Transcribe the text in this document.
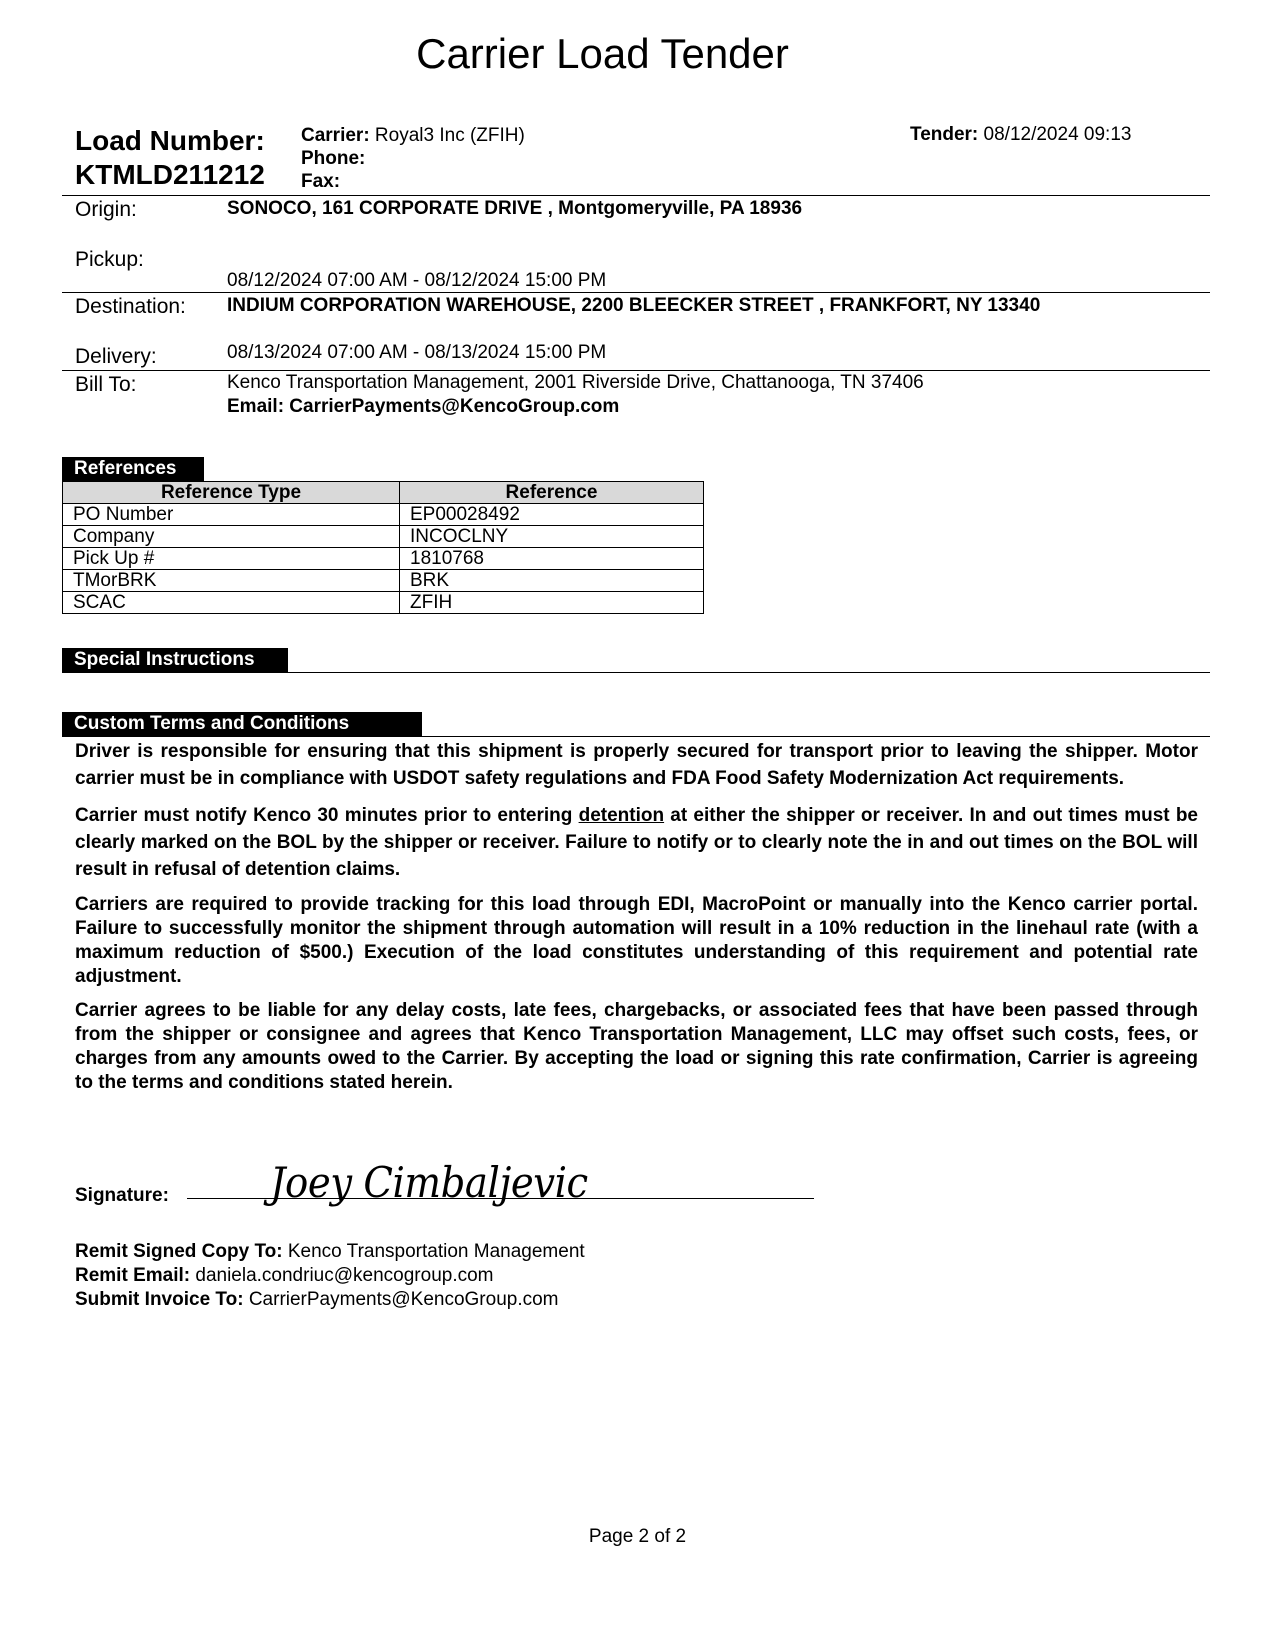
Carrier Load Tender
Load Number:
KTMLD211212
Carrier: Royal3 Inc (ZFIH)
Phone:
Fax:
Tender: 08/12/2024 09:13
Origin:	SONOCO, 161 CORPORATE DRIVE , Montgomeryville, PA 18936
Pickup:
08/12/2024 07:00 AM - 08/12/2024 15:00 PM
Destination: INDIUM CORPORATION WAREHOUSE, 2200 BLEECKER STREET , FRANKFORT, NY 13340
Delivery:	08/13/2024 07:00 AM - 08/13/2024 15:00 PM
Bill To:	Kenco Transportation Management, 2001 Riverside Drive, Chattanooga, TN 37406
Email: CarrierPayments@KencoGroup.com
References
Reference Type	Reference
PO Number	EP00028492
Company	INCOCLNY
Pick Up #	1810768
TMorBRK	BRK
SCAC	ZFIH
Special Instructions
Custom Terms and Conditions

Driver is responsible for ensuring that this shipment is properly secured for transport prior to leaving the shipper. Motor carrier must be in compliance with USDOT safety regulations and FDA Food Safety Modernization Act requirements.

Carrier must notify Kenco 30 minutes prior to entering detention at either the shipper or receiver. In and out times must be clearly marked on the BOL by the shipper or receiver. Failure to notify or to clearly note the in and out times on the BOL will result in refusal of detention claims.

Carriers are required to provide tracking for this load through EDI, MacroPoint or manually into the Kenco carrier portal. Failure to successfully monitor the shipment through automation will result in a 10% reduction in the linehaul rate (with a maximum reduction of $500.) Execution of the load constitutes understanding of this requirement and potential rate adjustment.

Carrier agrees to be liable for any delay costs, late fees, chargebacks, or associated fees that have been passed through from the shipper or consignee and agrees that Kenco Transportation Management, LLC may offset such costs, fees, or charges from any amounts owed to the Carrier. By accepting the load or signing this rate confirmation, Carrier is agreeing to the terms and conditions stated herein.

Signature: Joey Cimbaljevic
Remit Signed Copy To: Kenco Transportation Management
Remit Email: daniela.condriuc@kencogroup.com
Submit Invoice To: CarrierPayments@KencoGroup.com
Page 2 of 2
